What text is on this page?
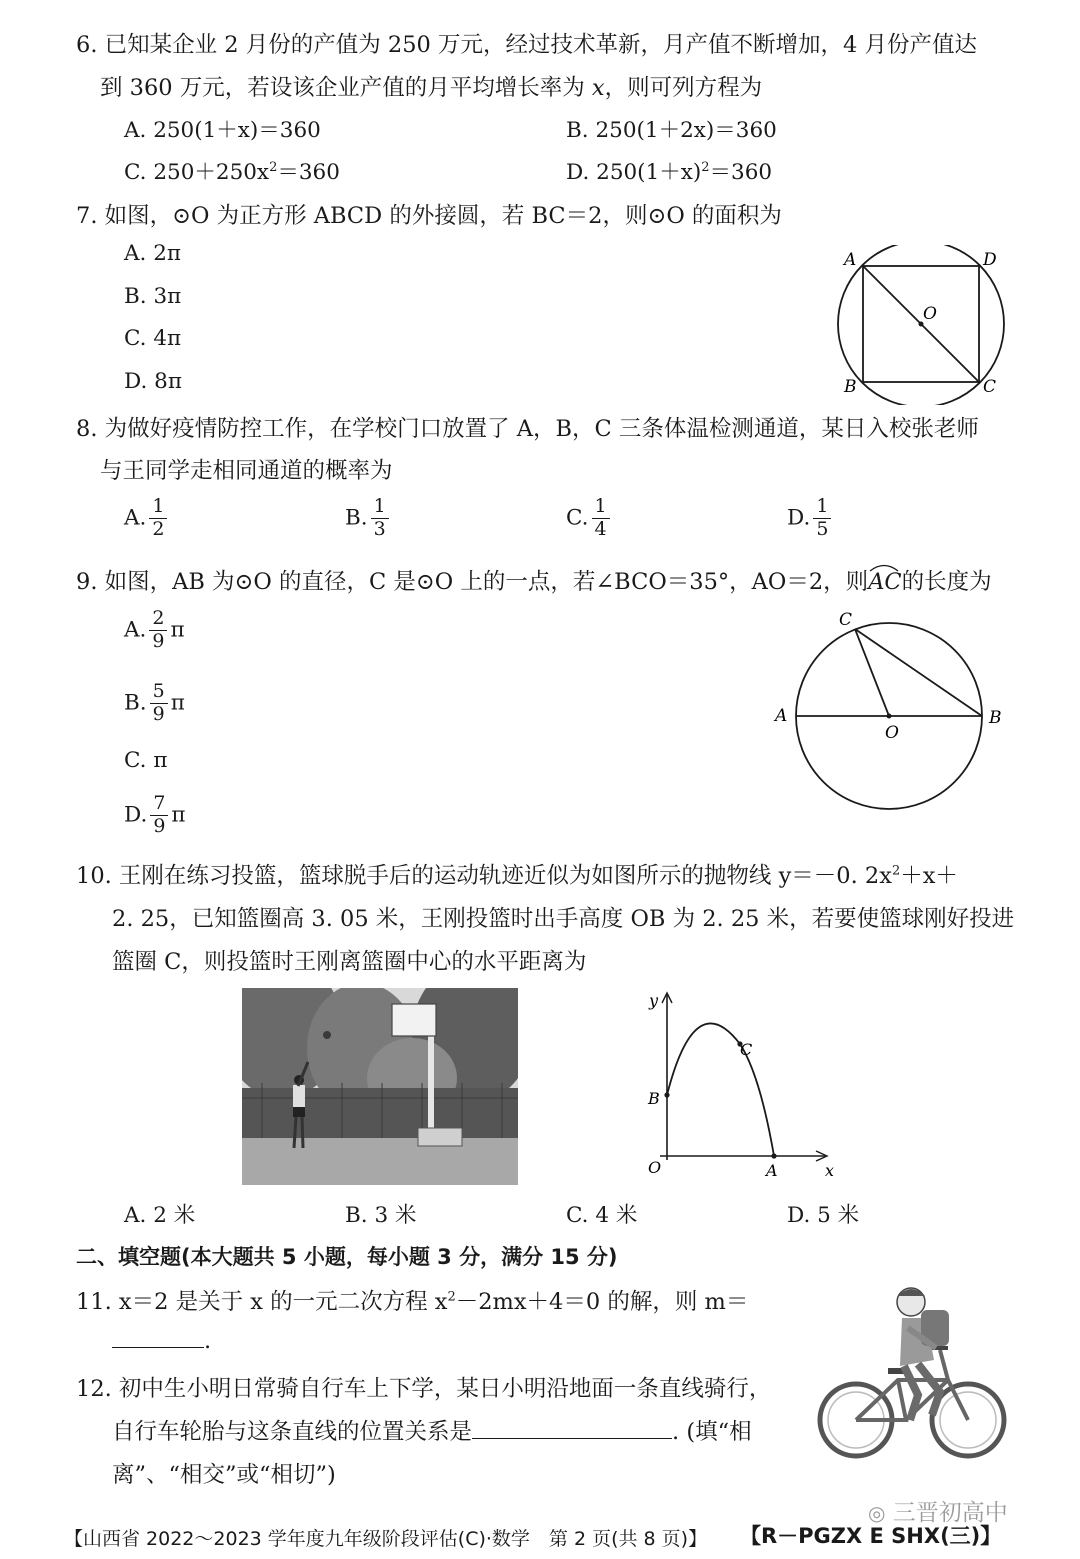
6. 已知某企业 2 月份的产值为 250 万元，经过技术革新，月产值不断增加，4 月份产值达
到 360 万元，若设该企业产值的月平均增长率为 x，则可列方程为
A. 250(1＋x)＝360	B. 250(1＋2x)＝360
C. $250+250x^2=360$	D. $250(1+x)^2=360$
7. 如图，⊙O 为正方形 ABCD 的外接圆，若 BC＝2，则⊙O 的面积为
A. 2π
B. 3π
C. 4π
D. 8π
A	D
B	C
O
8. 为做好疫情防控工作，在学校门口放置了 A，B，C 三条体温检测通道，某日入校张老师
与王同学走相同通道的概率为
A. $\frac{1}{2}$	B. $\frac{1}{3}$	C. $\frac{1}{4}$	D. $\frac{1}{5}$
9. 如图，AB 为⊙O 的直径，C 是⊙O 上的一点，若∠BCO＝35°，AO＝2，则AC
的长度为
A. $\frac{2}{9}$ π
B. $\frac{5}{9}$ π
C. π
D. $\frac{7}{9}$ π
C
A	B
O
10. 王刚在练习投篮，篮球脱手后的运动轨迹近似为如图所示的抛物线 y＝－0. $2x^2+x+$
2. 25，已知篮圈高 3. 05 米，王刚投篮时出手高度 OB 为 2. 25 米，若要使篮球刚好投进
篮圈 C，则投篮时王刚离篮圈中心的水平距离为
y
x
O	A
B
C
A. 2 米	B. 3 米	C. 4 米	D. 5 米
二、填空题(本大题共 5 小题，每小题 3 分，满分 15 分)
11. x＝2 是关于 x 的一元二次方程 $x^2-2mx+4=0$ 的解，则 m＝
.
12. 初中生小明日常骑自行车上下学，某日小明沿地面一条直线骑行，
自行车轮胎与这条直线的位置关系是	. (填“相
离”、“相交”或“相切”)
【山西省 2022～2023 学年度九年级阶段评估(C)·数学　第 2 页(共 8 页)】 【R－PGZX E SHX(三)】
◎ 三晋初高中
